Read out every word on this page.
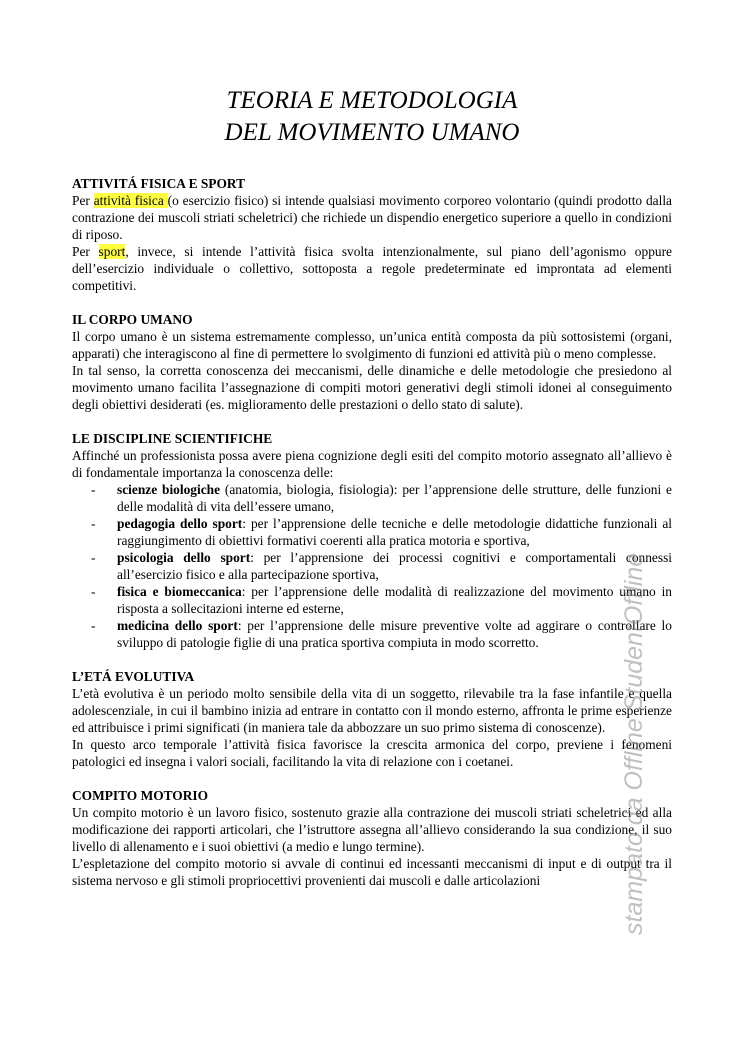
TEORIA E METODOLOGIA
DEL MOVIMENTO UMANO
ATTIVITÁ FISICA E SPORT

Per attività fisica (o esercizio fisico) si intende qualsiasi movimento corporeo volontario (quindi prodotto dalla contrazione dei muscoli striati scheletrici) che richiede un dispendio energetico superiore a quello in condizioni di riposo.

Per sport, invece, si intende l’attività fisica svolta intenzionalmente, sul piano dell’agonismo oppure dell’esercizio individuale o collettivo, sottoposta a regole predeterminate ed improntata ad elementi competitivi.

IL CORPO UMANO

Il corpo umano è un sistema estremamente complesso, un’unica entità composta da più sottosistemi (organi, apparati) che interagiscono al fine di permettere lo svolgimento di funzioni ed attività più o meno complesse.

In tal senso, la corretta conoscenza dei meccanismi, delle dinamiche e delle metodologie che presiedono al movimento umano facilita l’assegnazione di compiti motori generativi degli stimoli idonei al conseguimento degli obiettivi desiderati (es. miglioramento delle prestazioni o dello stato di salute).

LE DISCIPLINE SCIENTIFICHE

Affinché un professionista possa avere piena cognizione degli esiti del compito motorio assegnato all’allievo è di fondamentale importanza la conoscenza delle:

- scienze biologiche (anatomia, biologia, fisiologia): per l’apprensione delle strutture, delle funzioni e delle modalità di vita dell’essere umano,
- pedagogia dello sport: per l’apprensione delle tecniche e delle metodologie didattiche funzionali al raggiungimento di obiettivi formativi coerenti alla pratica motoria e sportiva,
- psicologia dello sport: per l’apprensione dei processi cognitivi e comportamentali connessi all’esercizio fisico e alla partecipazione sportiva,
- fisica e biomeccanica: per l’apprensione delle modalità di realizzazione del movimento umano in risposta a sollecitazioni interne ed esterne,
- medicina dello sport: per l’apprensione delle misure preventive volte ad aggirare o controllare lo sviluppo di patologie figlie di una pratica sportiva compiuta in modo scorretto.
L’ETÁ EVOLUTIVA

L’età evolutiva è un periodo molto sensibile della vita di un soggetto, rilevabile tra la fase infantile e quella adolescenziale, in cui il bambino inizia ad entrare in contatto con il mondo esterno, affronta le prime esperienze ed attribuisce i primi significati (in maniera tale da abbozzare un suo primo sistema di conoscenze).

In questo arco temporale l’attività fisica favorisce la crescita armonica del corpo, previene i fenomeni patologici ed insegna i valori sociali, facilitando la vita di relazione con i coetanei.

COMPITO MOTORIO

Un compito motorio è un lavoro fisico, sostenuto grazie alla contrazione dei muscoli striati scheletrici ed alla modificazione dei rapporti articolari, che l’istruttore assegna all’allievo considerando la sua condizione, il suo livello di allenamento e i suoi obiettivi (a medio e lungo termine).

L’espletazione del compito motorio si avvale di continui ed incessanti meccanismi di input e di output tra il sistema nervoso e gli stimoli propriocettivi provenienti dai muscoli e dalle articolazioni	stampato da Offline StudentOffline
